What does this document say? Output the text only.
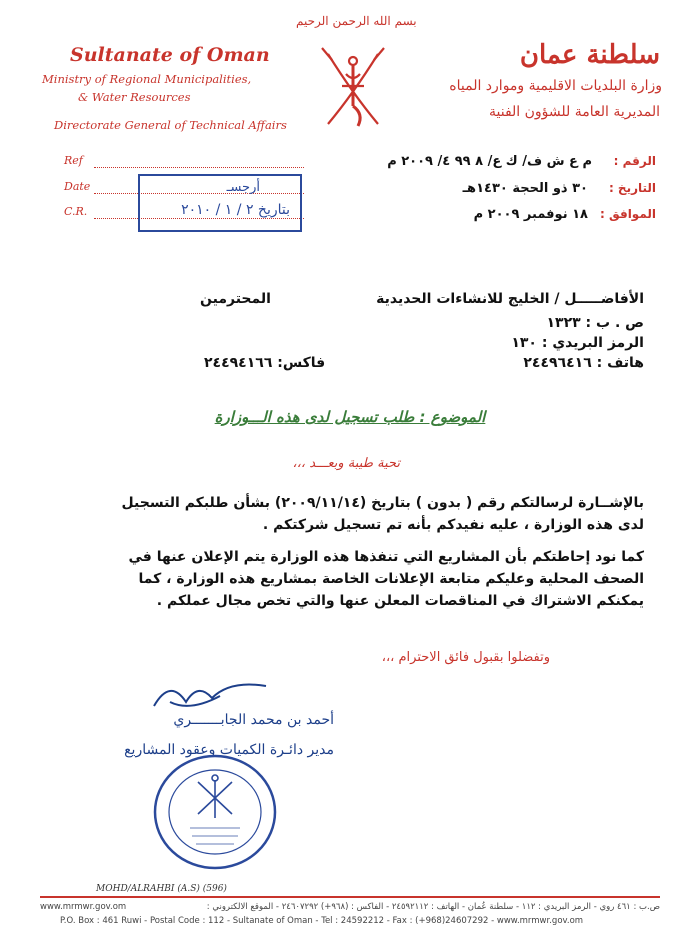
بسم الله الرحمن الرحيم
Sultanate of Oman
Ministry of Regional Municipalities,
& Water Resources
Directorate General of Technical Affairs
سلطنة عمان
وزارة البلديات الاقليمية وموارد المياه
المديرية العامة للشؤون الفنية
Ref
Date
C.R.
أرجسـ
بتاريخ ٢ / ١ / ٢٠١٠
الرقم :
م ع ش ف/ ك ع/ ٨ ٩٩ ٤/ ٢٠٠٩ م
التاريخ :
٣٠ ذو الحجة ١٤٣٠هـ
الموافق :
١٨ نوفمبر ٢٠٠٩ م
الأفاضـــــل / الخليج للانشاءات الحديدية
المحترمين
ص . ب : ١٣٢٣
الرمز البريدي : ١٣٠
هاتف : ٢٤٤٩٦٤١٦
فاكس: ٢٤٤٩٤١٦٦
الموضوع : طلب تسجيل لدى هذه الـــوزارة
تحية طيبة وبعـــد ،،،
بالإشــارة لرسالتكم رقم ( بدون ) بتاريخ (٢٠٠٩/١١/١٤) بشأن طلبكم التسجيل لدى هذه الوزارة ، عليه نفيدكم بأنه تم تسجيل شركتكم .
كما نود إحاطتكم بأن المشاريع التي تنفذها هذه الوزارة يتم الإعلان عنها في الصحف المحلية وعليكم متابعة الإعلانات الخاصة بمشاريع هذه الوزارة ، كما يمكنكم الاشتراك في المناقصات المعلن عنها والتي تخص مجال عملكم .
وتفضلوا بقبول فائق الاحترام ،،،
أحمد بن محمد الجابـــــــري
مدير دائـرة الكميات وعقود المشاريع
MOHD/ALRAHBI (A.S) (596)
ص.ب : ٤٦١ روي - الرمز البريدي : ١١٢ - سلطنة عُمان - الهاتف : ٢٤٥٩٢١١٢ - الفاكس : (٩٦٨+) ٢٤٦٠٧٢٩٢ - الموقع الالكتروني :
www.mrmwr.gov.om
P.O. Box : 461 Ruwi - Postal Code : 112 - Sultanate of Oman - Tel : 24592212 - Fax : (+968)24607292 - www.mrmwr.gov.om
